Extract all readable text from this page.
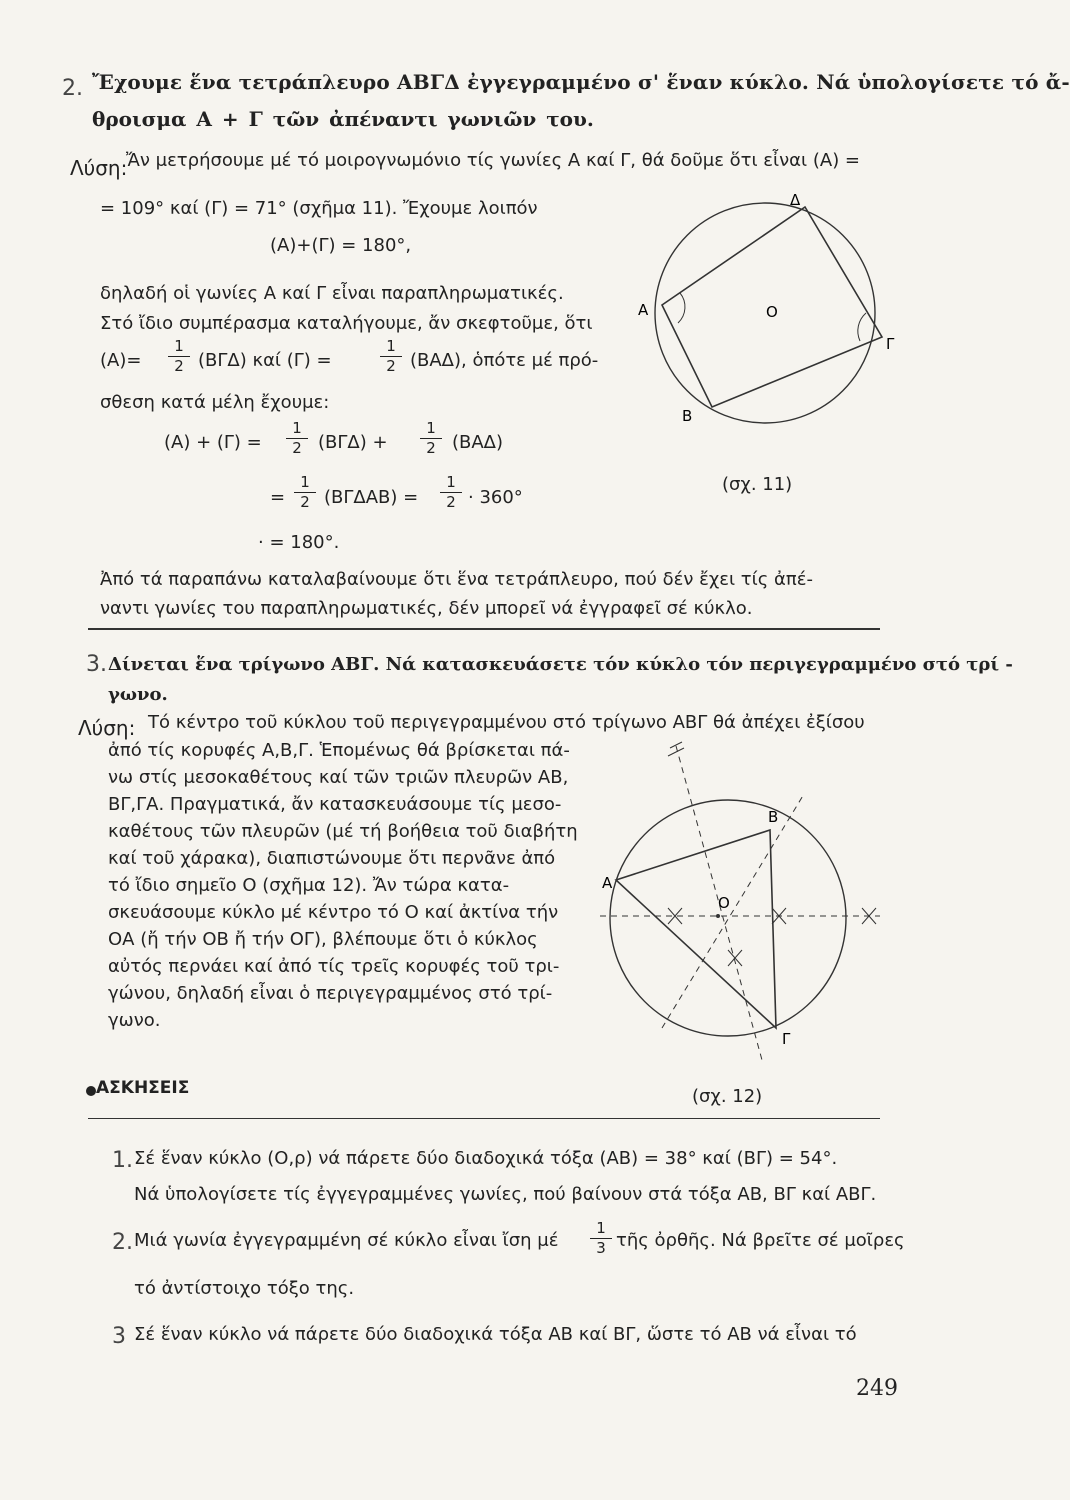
2. Ἔχουμε ἕνα τετράπλευρο ΑΒΓΔ ἐγγεγραμμένο σ' ἕναν κύκλο. Νά ὑπολογίσετε τό ἄ-
θροισμα Α + Γ τῶν ἀπέναντι γωνιῶν του.
Λύση:
Ἄν μετρήσουμε μέ τό μοιρογνωμόνιο τίς γωνίες Α καί Γ, θά δοῦμε ὅτι εἶναι (Α) =
= 109° καί (Γ) = 71° (σχῆμα 11). Ἔχουμε λοιπόν
(Α)+(Γ) = 180°,
δηλαδή οἱ γωνίες Α καί Γ εἶναι παραπληρωματικές.
Στό ἴδιο συμπέρασμα καταλήγουμε, ἄν σκεφτοῦμε, ὅτι
(Α)=
1
2 (ΒΓΔ) καί (Γ) =
1
2 (ΒΑΔ), ὁπότε μέ πρό-
σθεση κατά μέλη ἔχουμε:
(Α) + (Γ) =
1
2 (ΒΓΔ) +
1
2 (ΒΑΔ)
=
1
2 (ΒΓΔΑΒ) =
1
2 · 360°
· = 180°.
(σχ. 11)
Ἀπό τά παραπάνω καταλαβαίνουμε ὅτι ἕνα τετράπλευρο, πού δέν ἔχει τίς ἀπέ-
ναντι γωνίες του παραπληρωματικές, δέν μπορεῖ νά ἐγγραφεῖ σέ κύκλο.
Α
Β
Γ
Δ
Ο
3. Δίνεται ἕνα τρίγωνο ΑΒΓ. Νά κατασκευάσετε τόν κύκλο τόν περιγεγραμμένο στό τρί -
γωνο.
Λύση: Τό κέντρο τοῦ κύκλου τοῦ περιγεγραμμένου στό τρίγωνο ΑΒΓ θά ἀπέχει ἐξίσου
ἀπό τίς κορυφές Α,Β,Γ. Ἑπομένως θά βρίσκεται πά-
νω στίς μεσοκαθέτους καί τῶν τριῶν πλευρῶν ΑΒ,
ΒΓ,ΓΑ. Πραγματικά, ἄν κατασκευάσουμε τίς μεσο-
καθέτους τῶν πλευρῶν (μέ τή βοήθεια τοῦ διαβήτη
καί τοῦ χάρακα), διαπιστώνουμε ὅτι περνᾶνε ἀπό
τό ἴδιο σημεῖο Ο (σχῆμα 12). Ἄν τώρα κατα-
σκευάσουμε κύκλο μέ κέντρο τό Ο καί ἀκτίνα τήν
ΟΑ (ἤ τήν ΟΒ ἤ τήν ΟΓ), βλέπουμε ὅτι ὁ κύκλος
αὐτός περνάει καί ἀπό τίς τρεῖς κορυφές τοῦ τρι-
γώνου, δηλαδή εἶναι ὁ περιγεγραμμένος στό τρί-
γωνο.
Α
Β
Γ
Ο
(σχ. 12)
ΑΣΚΗΣΕΙΣ
1. Σέ ἕναν κύκλο (Ο,ρ) νά πάρετε δύο διαδοχικά τόξα (ΑΒ) = 38° καί (ΒΓ) = 54°.
Νά ὑπολογίσετε τίς ἐγγεγραμμένες γωνίες, πού βαίνουν στά τόξα ΑΒ, ΒΓ καί ΑΒΓ.
2. Μιά γωνία ἐγγεγραμμένη σέ κύκλο εἶναι ἴση μέ
1
3 τῆς ὀρθῆς. Νά βρεῖτε σέ μοῖρες
τό ἀντίστοιχο τόξο της.
3 Σέ ἕναν κύκλο νά πάρετε δύο διαδοχικά τόξα ΑΒ καί ΒΓ, ὥστε τό ΑΒ νά εἶναι τό
249
